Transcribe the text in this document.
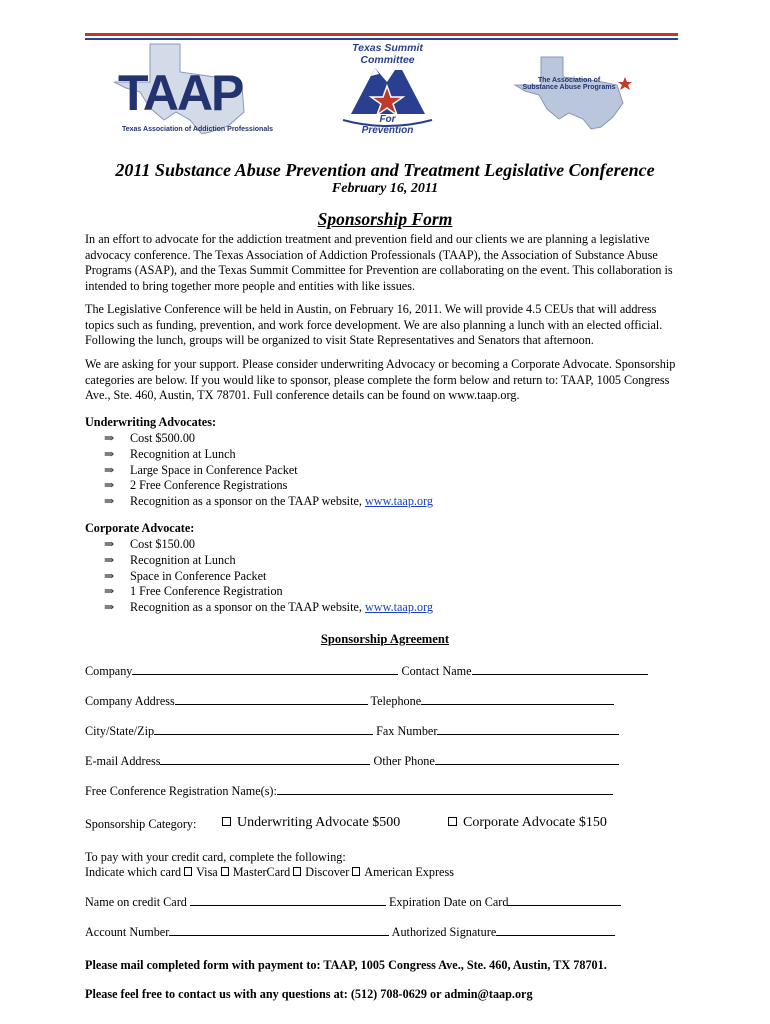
TAAP
Texas Association of Addiction Professionals
Texas Summit Committee
For
Prevention
The Association of
Substance Abuse Programs
2011 Substance Abuse Prevention and Treatment Legislative Conference
February 16, 2011
Sponsorship Form
In an effort to advocate for the addiction treatment and prevention field and our clients we are planning a legislative advocacy conference. The Texas Association of Addiction Professionals (TAAP), the Association of Substance Abuse Programs (ASAP), and the Texas Summit Committee for Prevention are collaborating on the event. This collaboration is intended to bring together more people and entities with like issues.
The Legislative Conference will be held in Austin, on February 16, 2011. We will provide 4.5 CEUs that will address topics such as funding, prevention, and work force development. We are also planning a lunch with an elected official. Following the lunch, groups will be organized to visit State Representatives and Senators that afternoon.
We are asking for your support. Please consider underwriting Advocacy or becoming a Corporate Advocate. Sponsorship categories are below. If you would like to sponsor, please complete the form below and return to: TAAP, 1005 Congress Ave., Ste. 460, Austin, TX 78701. Full conference details can be found on www.taap.org.
Underwriting Advocates:
⇒	Cost $500.00
⇒	Recognition at Lunch
⇒	Large Space in Conference Packet
⇒	2 Free Conference Registrations
⇒	Recognition as a sponsor on the TAAP website,
www.taap.org
Corporate Advocate:
⇒	Cost $150.00
⇒	Recognition at Lunch
⇒	Space in Conference Packet
⇒	1 Free Conference Registration
⇒	Recognition as a sponsor on the TAAP website,
www.taap.org
Sponsorship Agreement
Company	Contact Name
Company Address	Telephone
City/State/Zip	Fax Number
E-mail Address	Other Phone
Free Conference Registration Name(s):
Sponsorship Category:	Underwriting Advocate $500	Corporate Advocate $150
To pay with your credit card, complete the following:
Indicate which card Visa MasterCard Discover American Express
Name on credit Card	Expiration Date on Card
Account Number	Authorized Signature
Please mail completed form with payment to: TAAP, 1005 Congress Ave., Ste. 460, Austin, TX 78701.
Please feel free to contact us with any questions at: (512) 708-0629 or admin@taap.org
